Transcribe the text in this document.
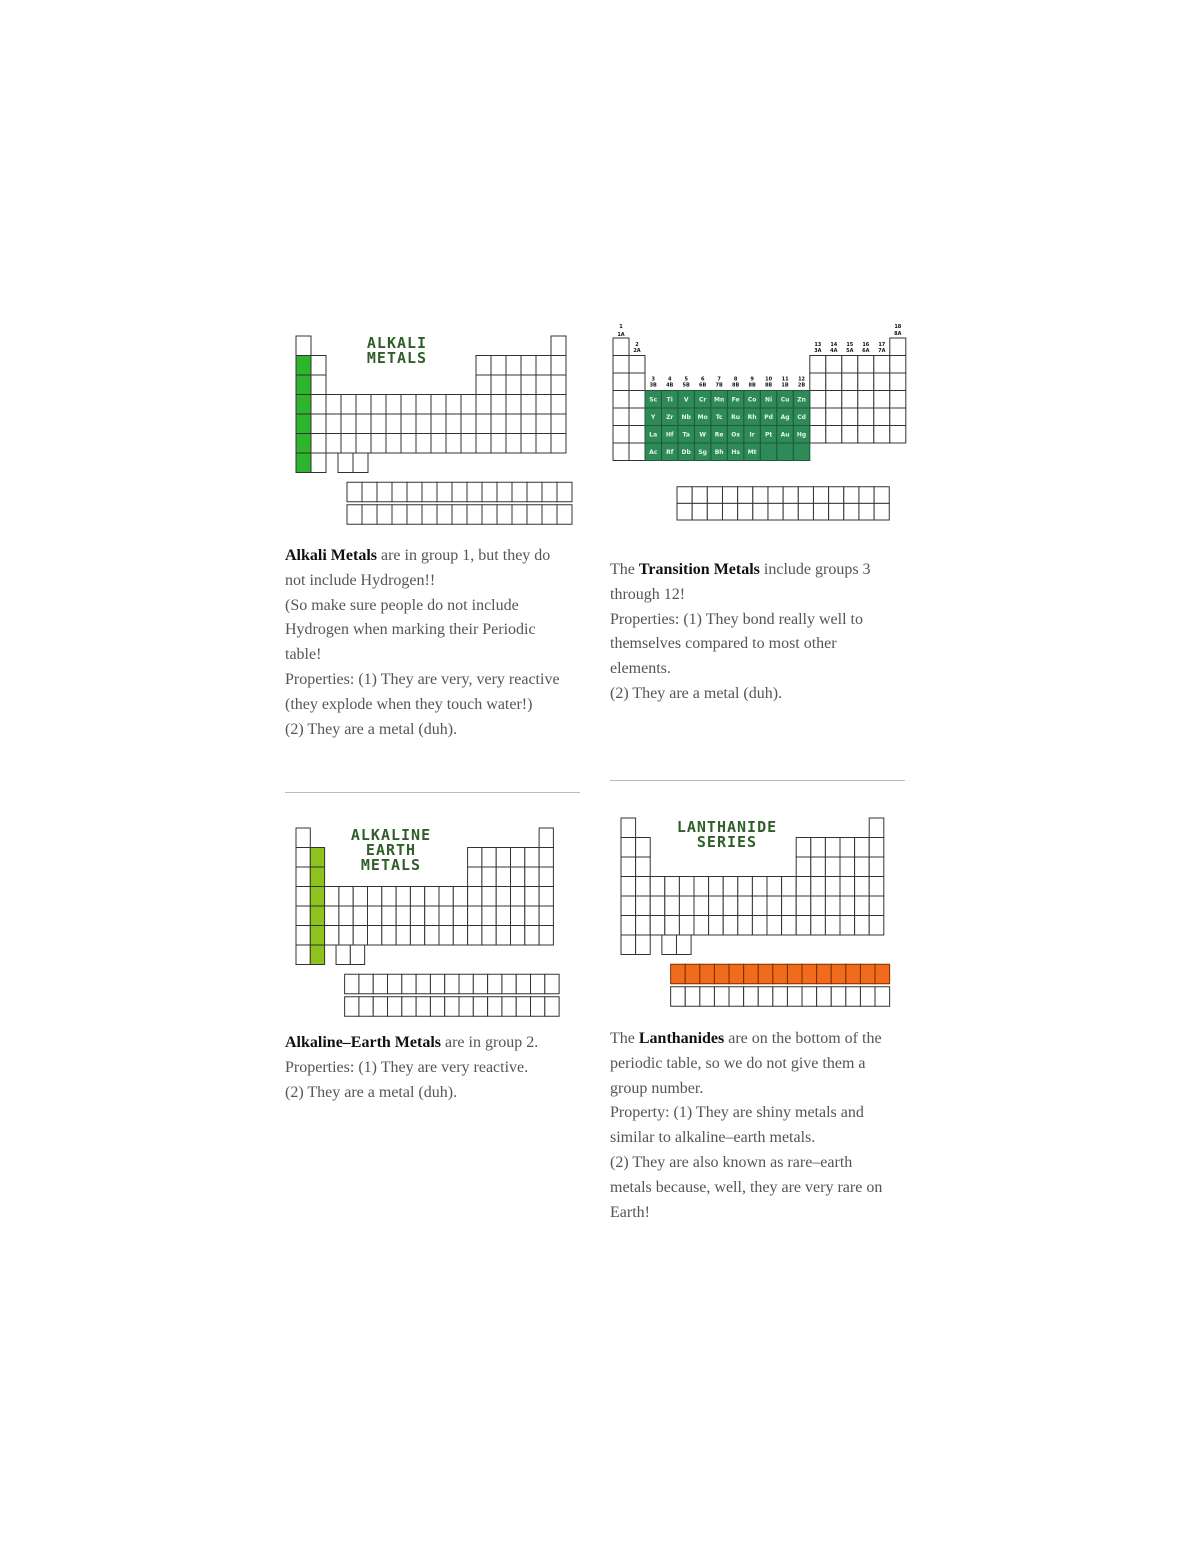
ALKALI
METALS

Alkali Metals are in group 1, but they do

not include Hydrogen!!

(So make sure people do not include

Hydrogen when marking their Periodic

table!

Properties: (1) They are very, very reactive

(they explode when they touch water!)

(2) They are a metal (duh).

1
1A
2
2A
18
8A
13
3A
14
4A
15
5A
16
6A
17
7A
3
3B
4
4B
5
5B
6
6B
7
7B
8
8B
9
8B
10
8B
11
1B
12
2B
Sc Ti V Cr Mn Fe Co Ni Cu Zn
Y Zr Nb Mo Tc Ru Rh Pd Ag Cd
La Hf Ta W Re Os Ir Pt Au Hg
Ac Rf Db Sg Bh Hs Mt

The Transition Metals include groups 3

through 12!

Properties: (1) They bond really well to

themselves compared to most other

elements.

(2) They are a metal (duh).

ALKALINE
EARTH
METALS

Alkaline–Earth Metals are in group 2.

Properties: (1) They are very reactive.

(2) They are a metal (duh).

LANTHANIDE
SERIES

The Lanthanides are on the bottom of the

periodic table, so we do not give them a

group number.

Property: (1) They are shiny metals and

similar to alkaline–earth metals.

(2) They are also known as rare–earth

metals because, well, they are very rare on

Earth!
